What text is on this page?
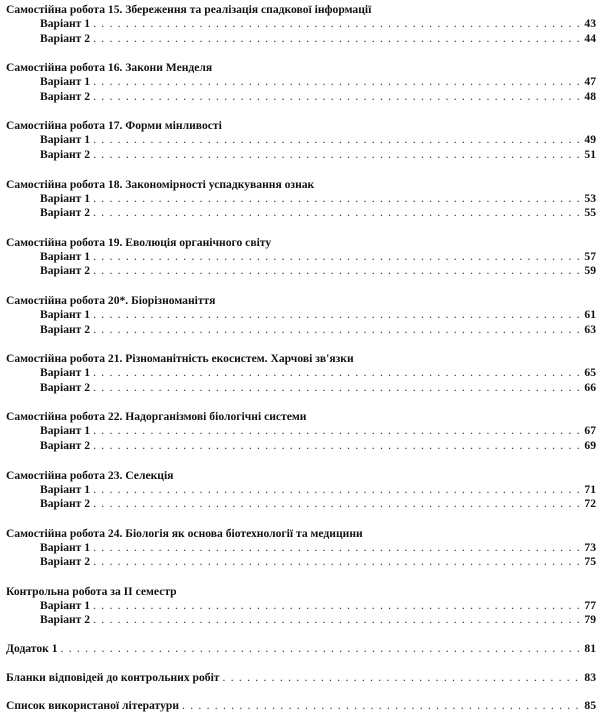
Самостійна робота 15. Збереження та реалізація спадкової інформації
Варіант 1 . . .	43
Варіант 2 . . .	44
Самостійна робота 16. Закони Менделя
Варіант 1 . . .	47
Варіант 2 . . .	48
Самостійна робота 17. Форми мінливості
Варіант 1 . . .	49
Варіант 2 . . .	51
Самостійна робота 18. Закономірності успадкування ознак
Варіант 1 . . .	53
Варіант 2 . . .	55
Самостійна робота 19. Еволюція органічного світу
Варіант 1 . . .	57
Варіант 2 . . .	59
Самостійна робота 20*. Біорізноманіття
Варіант 1 . . .	61
Варіант 2 . . .	63
Самостійна робота 21. Різноманітність екосистем. Харчові зв'язки
Варіант 1 . . .	65
Варіант 2 . . .	66
Самостійна робота 22. Надорганізмові біологічні системи
Варіант 1 . . .	67
Варіант 2 . . .	69
Самостійна робота 23. Селекція
Варіант 1 . . .	71
Варіант 2 . . .	72
Самостійна робота 24. Біологія як основа біотехнології та медицини
Варіант 1 . . .	73
Варіант 2 . . .	75
Контрольна робота за II семестр
Варіант 1 . . .	77
Варіант 2 . . .	79
Додаток 1 . . .	81
Бланки відповідей до контрольних робіт . . .	83
Список використаної літератури . . .	85
